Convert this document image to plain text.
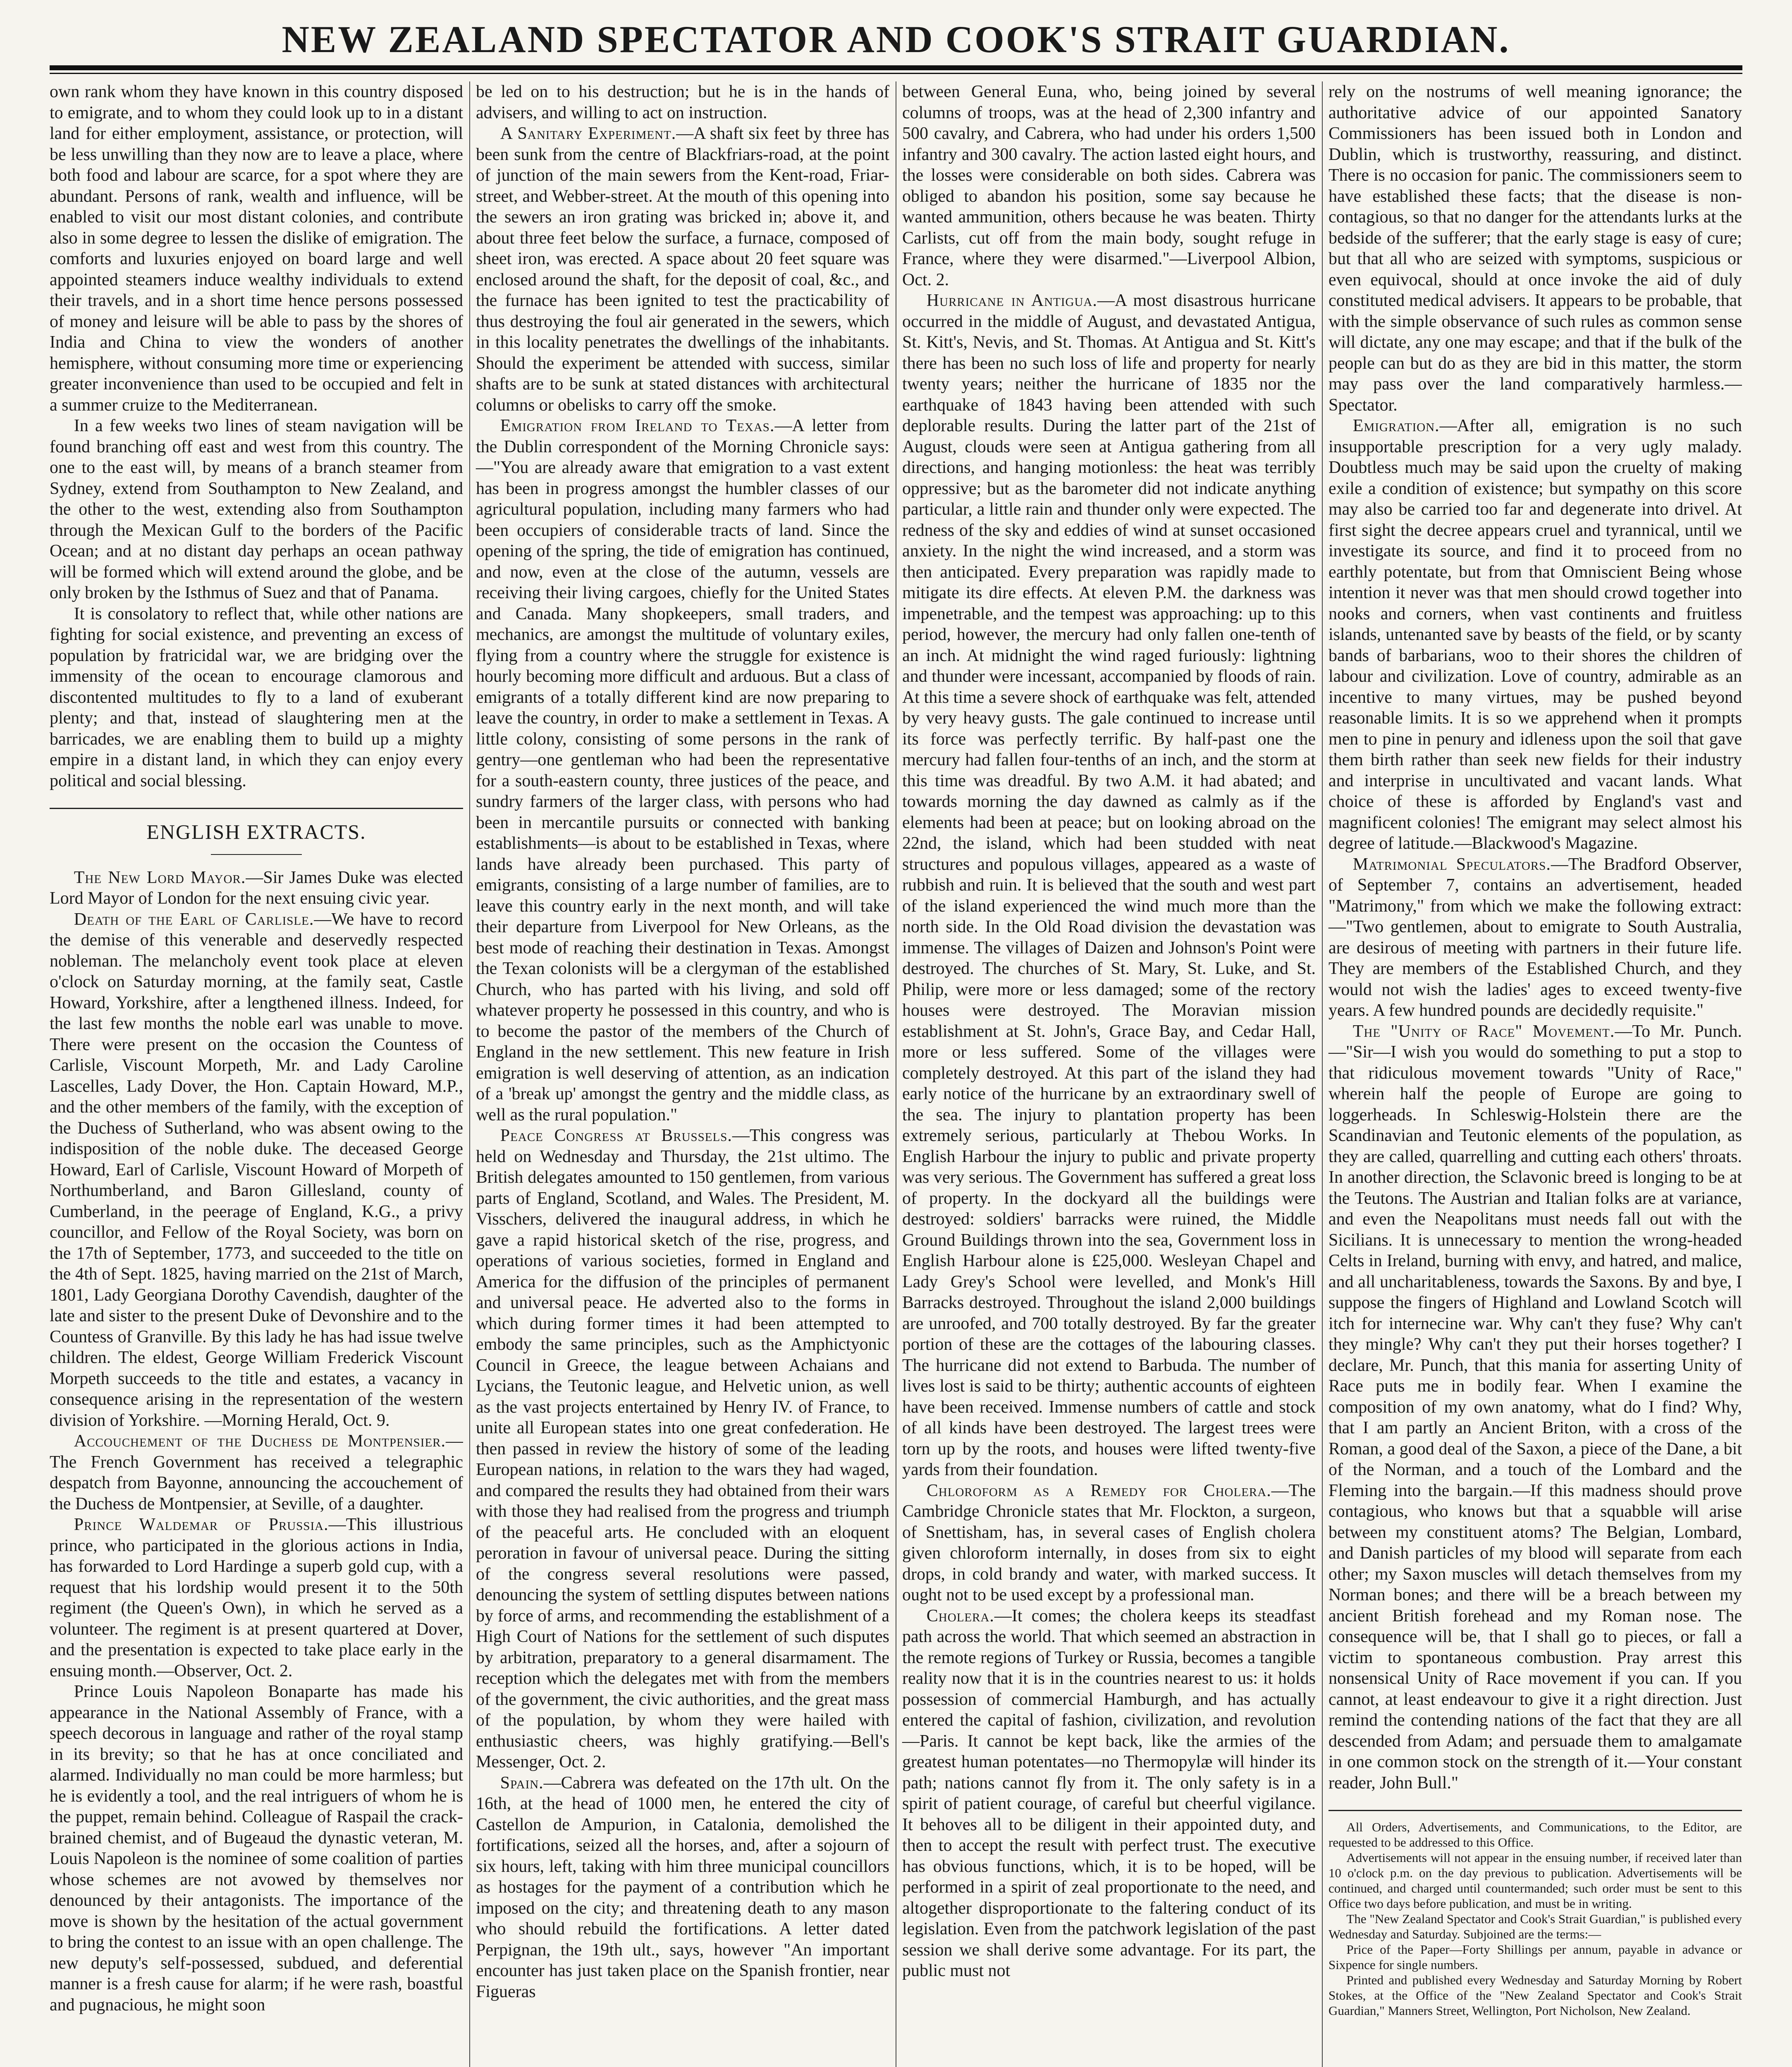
NEW ZEALAND SPECTATOR AND COOK'S STRAIT GUARDIAN.

own rank whom they have known in this country disposed to emigrate, and to whom they could look up to in a distant land for either employment, assistance, or protection, will be less unwilling than they now are to leave a place, where both food and labour are scarce, for a spot where they are abundant. Persons of rank, wealth and influence, will be enabled to visit our most distant colonies, and contribute also in some degree to lessen the dislike of emigration. The comforts and luxuries enjoyed on board large and well appointed steamers induce wealthy individuals to extend their travels, and in a short time hence persons possessed of money and leisure will be able to pass by the shores of India and China to view the wonders of another hemisphere, without consuming more time or experiencing greater inconvenience than used to be occupied and felt in a summer cruize to the Mediterranean.

In a few weeks two lines of steam navigation will be found branching off east and west from this country. The one to the east will, by means of a branch steamer from Sydney, extend from Southampton to New Zealand, and the other to the west, extending also from Southampton through the Mexican Gulf to the borders of the Pacific Ocean; and at no distant day perhaps an ocean pathway will be formed which will extend around the globe, and be only broken by the Isthmus of Suez and that of Panama.

It is consolatory to reflect that, while other nations are fighting for social existence, and preventing an excess of population by fratricidal war, we are bridging over the immensity of the ocean to encourage clamorous and discontented multitudes to fly to a land of exuberant plenty; and that, instead of slaughtering men at the barricades, we are enabling them to build up a mighty empire in a distant land, in which they can enjoy every political and social blessing.

ENGLISH EXTRACTS.

The New Lord Mayor.—Sir James Duke was elected Lord Mayor of London for the next ensuing civic year.

Death of the Earl of Carlisle.—We have to record the demise of this venerable and deservedly respected nobleman. The melancholy event took place at eleven o'clock on Saturday morning, at the family seat, Castle Howard, Yorkshire, after a lengthened illness. Indeed, for the last few months the noble earl was unable to move. There were present on the occasion the Countess of Carlisle, Viscount Morpeth, Mr. and Lady Caroline Lascelles, Lady Dover, the Hon. Captain Howard, M.P., and the other members of the family, with the exception of the Duchess of Sutherland, who was absent owing to the indisposition of the noble duke. The deceased George Howard, Earl of Carlisle, Viscount Howard of Morpeth of Northumberland, and Baron Gillesland, county of Cumberland, in the peerage of England, K.G., a privy councillor, and Fellow of the Royal Society, was born on the 17th of September, 1773, and succeeded to the title on the 4th of Sept. 1825, having married on the 21st of March, 1801, Lady Georgiana Dorothy Cavendish, daughter of the late and sister to the present Duke of Devonshire and to the Countess of Granville. By this lady he has had issue twelve children. The eldest, George William Frederick Viscount Morpeth succeeds to the title and estates, a vacancy in consequence arising in the representation of the western division of Yorkshire. —Morning Herald, Oct. 9.

Accouchement of the Duchess de Montpensier.—The French Government has received a telegraphic despatch from Bayonne, announcing the accouchement of the Duchess de Montpensier, at Seville, of a daughter.

Prince Waldemar of Prussia.—This illustrious prince, who participated in the glorious actions in India, has forwarded to Lord Hardinge a superb gold cup, with a request that his lordship would present it to the 50th regiment (the Queen's Own), in which he served as a volunteer. The regiment is at present quartered at Dover, and the presentation is expected to take place early in the ensuing month.—Observer, Oct. 2.

Prince Louis Napoleon Bonaparte has made his appearance in the National Assembly of France, with a speech decorous in language and rather of the royal stamp in its brevity; so that he has at once conciliated and alarmed. Individually no man could be more harmless; but he is evidently a tool, and the real intriguers of whom he is the puppet, remain behind. Colleague of Raspail the crack-brained chemist, and of Bugeaud the dynastic veteran, M. Louis Napoleon is the nominee of some coalition of parties whose schemes are not avowed by themselves nor denounced by their antagonists. The importance of the move is shown by the hesitation of the actual government to bring the contest to an issue with an open challenge. The new deputy's self-possessed, subdued, and deferential manner is a fresh cause for alarm; if he were rash, boastful and pugnacious, he might soon

be led on to his destruction; but he is in the hands of advisers, and willing to act on instruction.

A Sanitary Experiment.—A shaft six feet by three has been sunk from the centre of Blackfriars-road, at the point of junction of the main sewers from the Kent-road, Friar-street, and Webber-street. At the mouth of this opening into the sewers an iron grating was bricked in; above it, and about three feet below the surface, a furnace, composed of sheet iron, was erected. A space about 20 feet square was enclosed around the shaft, for the deposit of coal, &c., and the furnace has been ignited to test the practicability of thus destroying the foul air generated in the sewers, which in this locality penetrates the dwellings of the inhabitants. Should the experiment be attended with success, similar shafts are to be sunk at stated distances with architectural columns or obelisks to carry off the smoke.

Emigration from Ireland to Texas.—A letter from the Dublin correspondent of the Morning Chronicle says:—"You are already aware that emigration to a vast extent has been in progress amongst the humbler classes of our agricultural population, including many farmers who had been occupiers of considerable tracts of land. Since the opening of the spring, the tide of emigration has continued, and now, even at the close of the autumn, vessels are receiving their living cargoes, chiefly for the United States and Canada. Many shopkeepers, small traders, and mechanics, are amongst the multitude of voluntary exiles, flying from a country where the struggle for existence is hourly becoming more difficult and arduous. But a class of emigrants of a totally different kind are now preparing to leave the country, in order to make a settlement in Texas. A little colony, consisting of some persons in the rank of gentry—one gentleman who had been the representative for a south-eastern county, three justices of the peace, and sundry farmers of the larger class, with persons who had been in mercantile pursuits or connected with banking establishments—is about to be established in Texas, where lands have already been purchased. This party of emigrants, consisting of a large number of families, are to leave this country early in the next month, and will take their departure from Liverpool for New Orleans, as the best mode of reaching their destination in Texas. Amongst the Texan colonists will be a clergyman of the established Church, who has parted with his living, and sold off whatever property he possessed in this country, and who is to become the pastor of the members of the Church of England in the new settlement. This new feature in Irish emigration is well deserving of attention, as an indication of a 'break up' amongst the gentry and the middle class, as well as the rural population."

Peace Congress at Brussels.—This congress was held on Wednesday and Thursday, the 21st ultimo. The British delegates amounted to 150 gentlemen, from various parts of England, Scotland, and Wales. The President, M. Visschers, delivered the inaugural address, in which he gave a rapid historical sketch of the rise, progress, and operations of various societies, formed in England and America for the diffusion of the principles of permanent and universal peace. He adverted also to the forms in which during former times it had been attempted to embody the same principles, such as the Amphictyonic Council in Greece, the league between Achaians and Lycians, the Teutonic league, and Helvetic union, as well as the vast projects entertained by Henry IV. of France, to unite all European states into one great confederation. He then passed in review the history of some of the leading European nations, in relation to the wars they had waged, and compared the results they had obtained from their wars with those they had realised from the progress and triumph of the peaceful arts. He concluded with an eloquent peroration in favour of universal peace. During the sitting of the congress several resolutions were passed, denouncing the system of settling disputes between nations by force of arms, and recommending the establishment of a High Court of Nations for the settlement of such disputes by arbitration, preparatory to a general disarmament. The reception which the delegates met with from the members of the government, the civic authorities, and the great mass of the population, by whom they were hailed with enthusiastic cheers, was highly gratifying.—Bell's Messenger, Oct. 2.

Spain.—Cabrera was defeated on the 17th ult. On the 16th, at the head of 1000 men, he entered the city of Castellon de Ampurion, in Catalonia, demolished the fortifications, seized all the horses, and, after a sojourn of six hours, left, taking with him three municipal councillors as hostages for the payment of a contribution which he imposed on the city; and threatening death to any mason who should rebuild the fortifications. A letter dated Perpignan, the 19th ult., says, however "An important encounter has just taken place on the Spanish frontier, near Figueras

between General Euna, who, being joined by several columns of troops, was at the head of 2,300 infantry and 500 cavalry, and Cabrera, who had under his orders 1,500 infantry and 300 cavalry. The action lasted eight hours, and the losses were considerable on both sides. Cabrera was obliged to abandon his position, some say because he wanted ammunition, others because he was beaten. Thirty Carlists, cut off from the main body, sought refuge in France, where they were disarmed."—Liverpool Albion, Oct. 2.

Hurricane in Antigua.—A most disastrous hurricane occurred in the middle of August, and devastated Antigua, St. Kitt's, Nevis, and St. Thomas. At Antigua and St. Kitt's there has been no such loss of life and property for nearly twenty years; neither the hurricane of 1835 nor the earthquake of 1843 having been attended with such deplorable results. During the latter part of the 21st of August, clouds were seen at Antigua gathering from all directions, and hanging motionless: the heat was terribly oppressive; but as the barometer did not indicate anything particular, a little rain and thunder only were expected. The redness of the sky and eddies of wind at sunset occasioned anxiety. In the night the wind increased, and a storm was then anticipated. Every preparation was rapidly made to mitigate its dire effects. At eleven P.M. the darkness was impenetrable, and the tempest was approaching: up to this period, however, the mercury had only fallen one-tenth of an inch. At midnight the wind raged furiously: lightning and thunder were incessant, accompanied by floods of rain. At this time a severe shock of earthquake was felt, attended by very heavy gusts. The gale continued to increase until its force was perfectly terrific. By half-past one the mercury had fallen four-tenths of an inch, and the storm at this time was dreadful. By two A.M. it had abated; and towards morning the day dawned as calmly as if the elements had been at peace; but on looking abroad on the 22nd, the island, which had been studded with neat structures and populous villages, appeared as a waste of rubbish and ruin. It is believed that the south and west part of the island experienced the wind much more than the north side. In the Old Road division the devastation was immense. The villages of Daizen and Johnson's Point were destroyed. The churches of St. Mary, St. Luke, and St. Philip, were more or less damaged; some of the rectory houses were destroyed. The Moravian mission establishment at St. John's, Grace Bay, and Cedar Hall, more or less suffered. Some of the villages were completely destroyed. At this part of the island they had early notice of the hurricane by an extraordinary swell of the sea. The injury to plantation property has been extremely serious, particularly at Thebou Works. In English Harbour the injury to public and private property was very serious. The Government has suffered a great loss of property. In the dockyard all the buildings were destroyed: soldiers' barracks were ruined, the Middle Ground Buildings thrown into the sea, Government loss in English Harbour alone is £25,000. Wesleyan Chapel and Lady Grey's School were levelled, and Monk's Hill Barracks destroyed. Throughout the island 2,000 buildings are unroofed, and 700 totally destroyed. By far the greater portion of these are the cottages of the labouring classes. The hurricane did not extend to Barbuda. The number of lives lost is said to be thirty; authentic accounts of eighteen have been received. Immense numbers of cattle and stock of all kinds have been destroyed. The largest trees were torn up by the roots, and houses were lifted twenty-five yards from their foundation.

Chloroform as a Remedy for Cholera.—The Cambridge Chronicle states that Mr. Flockton, a surgeon, of Snettisham, has, in several cases of English cholera given chloroform internally, in doses from six to eight drops, in cold brandy and water, with marked success. It ought not to be used except by a professional man.

Cholera.—It comes; the cholera keeps its steadfast path across the world. That which seemed an abstraction in the remote regions of Turkey or Russia, becomes a tangible reality now that it is in the countries nearest to us: it holds possession of commercial Hamburgh, and has actually entered the capital of fashion, civilization, and revolution—Paris. It cannot be kept back, like the armies of the greatest human potentates—no Thermopylæ will hinder its path; nations cannot fly from it. The only safety is in a spirit of patient courage, of careful but cheerful vigilance. It behoves all to be diligent in their appointed duty, and then to accept the result with perfect trust. The executive has obvious functions, which, it is to be hoped, will be performed in a spirit of zeal proportionate to the need, and altogether disproportionate to the faltering conduct of its legislation. Even from the patchwork legislation of the past session we shall derive some advantage. For its part, the public must not

rely on the nostrums of well meaning ignorance; the authoritative advice of our appointed Sanatory Commissioners has been issued both in London and Dublin, which is trustworthy, reassuring, and distinct. There is no occasion for panic. The commissioners seem to have established these facts; that the disease is non-contagious, so that no danger for the attendants lurks at the bedside of the sufferer; that the early stage is easy of cure; but that all who are seized with symptoms, suspicious or even equivocal, should at once invoke the aid of duly constituted medical advisers. It appears to be probable, that with the simple observance of such rules as common sense will dictate, any one may escape; and that if the bulk of the people can but do as they are bid in this matter, the storm may pass over the land comparatively harmless.—Spectator.

Emigration.—After all, emigration is no such insupportable prescription for a very ugly malady. Doubtless much may be said upon the cruelty of making exile a condition of existence; but sympathy on this score may also be carried too far and degenerate into drivel. At first sight the decree appears cruel and tyrannical, until we investigate its source, and find it to proceed from no earthly potentate, but from that Omniscient Being whose intention it never was that men should crowd together into nooks and corners, when vast continents and fruitless islands, untenanted save by beasts of the field, or by scanty bands of barbarians, woo to their shores the children of labour and civilization. Love of country, admirable as an incentive to many virtues, may be pushed beyond reasonable limits. It is so we apprehend when it prompts men to pine in penury and idleness upon the soil that gave them birth rather than seek new fields for their industry and interprise in uncultivated and vacant lands. What choice of these is afforded by England's vast and magnificent colonies! The emigrant may select almost his degree of latitude.—Blackwood's Magazine.

Matrimonial Speculators.—The Bradford Observer, of September 7, contains an advertisement, headed "Matrimony," from which we make the following extract:—"Two gentlemen, about to emigrate to South Australia, are desirous of meeting with partners in their future life. They are members of the Established Church, and they would not wish the ladies' ages to exceed twenty-five years. A few hundred pounds are decidedly requisite."

The "Unity of Race" Movement.—To Mr. Punch.—"Sir—I wish you would do something to put a stop to that ridiculous movement towards "Unity of Race," wherein half the people of Europe are going to loggerheads. In Schleswig-Holstein there are the Scandinavian and Teutonic elements of the population, as they are called, quarrelling and cutting each others' throats. In another direction, the Sclavonic breed is longing to be at the Teutons. The Austrian and Italian folks are at variance, and even the Neapolitans must needs fall out with the Sicilians. It is unnecessary to mention the wrong-headed Celts in Ireland, burning with envy, and hatred, and malice, and all uncharitableness, towards the Saxons. By and bye, I suppose the fingers of Highland and Lowland Scotch will itch for internecine war. Why can't they fuse? Why can't they mingle? Why can't they put their horses together? I declare, Mr. Punch, that this mania for asserting Unity of Race puts me in bodily fear. When I examine the composition of my own anatomy, what do I find? Why, that I am partly an Ancient Briton, with a cross of the Roman, a good deal of the Saxon, a piece of the Dane, a bit of the Norman, and a touch of the Lombard and the Fleming into the bargain.—If this madness should prove contagious, who knows but that a squabble will arise between my constituent atoms? The Belgian, Lombard, and Danish particles of my blood will separate from each other; my Saxon muscles will detach themselves from my Norman bones; and there will be a breach between my ancient British forehead and my Roman nose. The consequence will be, that I shall go to pieces, or fall a victim to spontaneous combustion. Pray arrest this nonsensical Unity of Race movement if you can. If you cannot, at least endeavour to give it a right direction. Just remind the contending nations of the fact that they are all descended from Adam; and persuade them to amalgamate in one common stock on the strength of it.—Your constant reader, John Bull."

All Orders, Advertisements, and Communications, to the Editor, are requested to be addressed to this Office.

Advertisements will not appear in the ensuing number, if received later than 10 o'clock p.m. on the day previous to publication. Advertisements will be continued, and charged until countermanded; such order must be sent to this Office two days before publication, and must be in writing.

The "New Zealand Spectator and Cook's Strait Guardian," is published every Wednesday and Saturday. Subjoined are the terms:—

Price of the Paper—Forty Shillings per annum, payable in advance or Sixpence for single numbers.

Printed and published every Wednesday and Saturday Morning by Robert Stokes, at the Office of the "New Zealand Spectator and Cook's Strait Guardian," Manners Street, Wellington, Port Nicholson, New Zealand.
